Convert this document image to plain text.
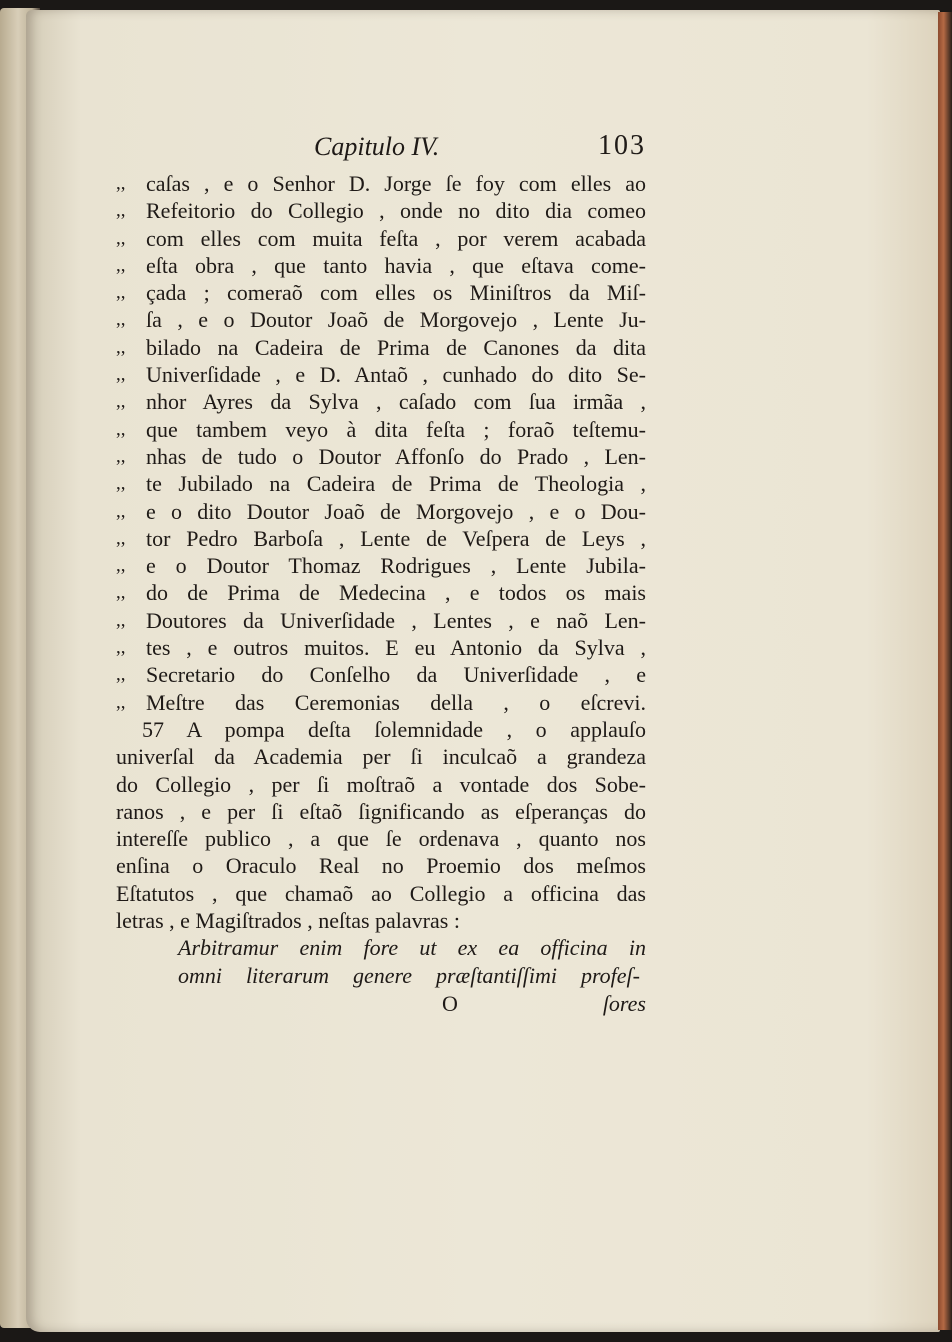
Capitulo IV.	103
,, caſas , e o Senhor D. Jorge ſe foy com elles ao
,, Refeitorio do Collegio , onde no dito dia comeo
,, com elles com muita feſta , por verem acabada
,, eſta obra , que tanto havia , que eſtava come-
,, çada ; comeraõ com elles os Miniſtros da Miſ-
,, ſa , e o Doutor Joaõ de Morgovejo , Lente Ju-
,, bilado na Cadeira de Prima de Canones da dita
,, Univerſidade , e D. Antaõ , cunhado do dito Se-
,, nhor Ayres da Sylva , caſado com ſua irmãa ,
,, que tambem veyo à dita feſta ; foraõ teſtemu-
,, nhas de tudo o Doutor Affonſo do Prado , Len-
,, te Jubilado na Cadeira de Prima de Theologia ,
,, e o dito Doutor Joaõ de Morgovejo , e o Dou-
,, tor Pedro Barboſa , Lente de Veſpera de Leys ,
,, e o Doutor Thomaz Rodrigues , Lente Jubila-
,, do de Prima de Medecina , e todos os mais
,, Doutores da Univerſidade , Lentes , e naõ Len-
,, tes , e outros muitos. E eu Antonio da Sylva ,
,, Secretario do Conſelho da Univerſidade , e
,, Meſtre das Ceremonias della , o eſcrevi.
57 A pompa deſta ſolemnidade , o applauſo
univerſal da Academia per ſi inculcaõ a grandeza
do Collegio , per ſi moſtraõ a vontade dos Sobe-
ranos , e per ſi eſtaõ ſignificando as eſperanças do
intereſſe publico , a que ſe ordenava , quanto nos
enſina o Oraculo Real no Proemio dos meſmos
Eſtatutos , que chamaõ ao Collegio a officina das
letras , e Magiſtrados , neſtas palavras :
Arbitramur enim fore ut ex ea officina in
omni literarum genere præſtantiſſimi profeſ-
O	ſores
